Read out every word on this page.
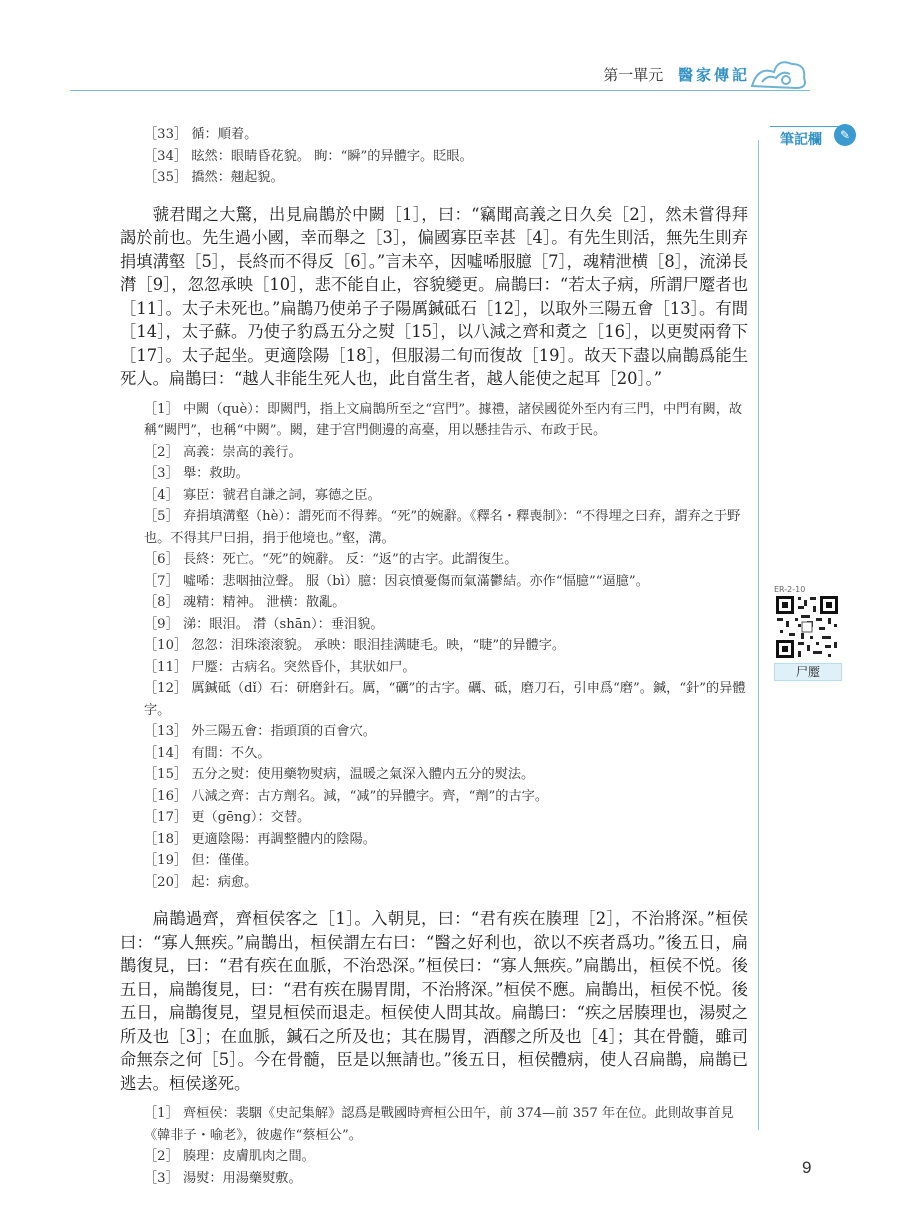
第一單元 醫家傳記
筆記欄	✎

［33］ 循：順着。

［34］ 眩然：眼睛昏花貌。 眴：“瞬”的异體字。眨眼。

［35］ 撟然：翹起貌。

虢君聞之大驚，出見扁鵲於中闕［1］，曰：“竊聞高義之日久矣［2］，然未嘗得拜謁於前也。先生過小國，幸而舉之［3］，偏國寡臣幸甚［4］。有先生則活，無先生則弃捐填溝壑［5］，長終而不得反［6］。”言未卒，因噓唏服臆［7］，魂精泄横［8］，流涕長潸［9］，忽忽承映［10］，悲不能自止，容貌變更。扁鵲曰：“若太子病，所謂尸蹷者也［11］。太子未死也。”扁鵲乃使弟子子陽厲鍼砥石［12］，以取外三陽五會［13］。有間［14］，太子蘇。乃使子豹爲五分之熨［15］，以八減之齊和煑之［16］，以更熨兩脅下［17］。太子起坐。更適陰陽［18］，但服湯二旬而復故［19］。故天下盡以扁鵲爲能生死人。扁鵲曰：“越人非能生死人也，此自當生者，越人能使之起耳［20］。”

［1］ 中闕（què）：即闕門，指上文扁鵲所至之“宫門”。據禮，諸侯國從外至内有三門，中門有闕，故稱“闕門”，也稱“中闕”。闕，建于宫門側邊的高臺，用以懸挂告示、布政于民。

［2］ 高義：崇高的義行。

［3］ 舉：救助。

［4］ 寡臣：虢君自謙之詞，寡德之臣。

［5］ 弃捐填溝壑（hè）：謂死而不得葬。“死”的婉辭。《釋名・釋喪制》：“不得埋之曰弃，謂弃之于野也。不得其尸曰捐，捐于他境也。”壑，溝。

［6］ 長終：死亡。“死”的婉辭。 反：“返”的古字。此謂復生。

［7］ 噓唏：悲咽抽泣聲。 服（bì）臆：因哀憤憂傷而氣滿鬱結。亦作“愊臆”“逼臆”。

［8］ 魂精：精神。 泄横：散亂。

［9］ 涕：眼泪。 潸（shān）：垂泪貌。

［10］ 忽忽：泪珠滚滚貌。 承映：眼泪挂满睫毛。映，“睫”的异體字。

［11］ 尸蹷：古病名。突然昏仆，其狀如尸。

［12］ 厲鍼砥（dǐ）石：研磨針石。厲，“礪”的古字。礪、砥，磨刀石，引申爲“磨”。鍼，“針”的异體字。

［13］ 外三陽五會：指頭頂的百會穴。

［14］ 有間：不久。

［15］ 五分之熨：使用藥物熨病，温暖之氣深入體内五分的熨法。

［16］ 八減之齊：古方劑名。減，“减”的异體字。齊，“劑”的古字。

［17］ 更（gēng）：交替。

［18］ 更適陰陽：再調整體内的陰陽。

［19］ 但：僅僅。

［20］ 起：病愈。

扁鵲過齊，齊桓侯客之［1］。入朝見，曰：“君有疾在腠理［2］，不治將深。”桓侯曰：“寡人無疾。”扁鵲出，桓侯謂左右曰：“醫之好利也，欲以不疾者爲功。”後五日，扁鵲復見，曰：“君有疾在血脈，不治恐深。”桓侯曰：“寡人無疾。”扁鵲出，桓侯不悦。後五日，扁鵲復見，曰：“君有疾在腸胃閒，不治將深。”桓侯不應。扁鵲出，桓侯不悦。後五日，扁鵲復見，望見桓侯而退走。桓侯使人問其故。扁鵲曰：“疾之居腠理也，湯熨之所及也［3］；在血脈，鍼石之所及也；其在腸胃，酒醪之所及也［4］；其在骨髓，雖司命無奈之何［5］。今在骨髓，臣是以無請也。”後五日，桓侯體病，使人召扁鵲，扁鵲已逃去。桓侯遂死。

［1］ 齊桓侯：裴駰《史記集解》認爲是戰國時齊桓公田午，前 374—前 357 年在位。此則故事首見《韓非子・喻老》，彼處作“蔡桓公”。

［2］ 腠理：皮膚肌肉之間。

［3］ 湯熨：用湯藥熨敷。

ER-2-10
尸蹷
9
